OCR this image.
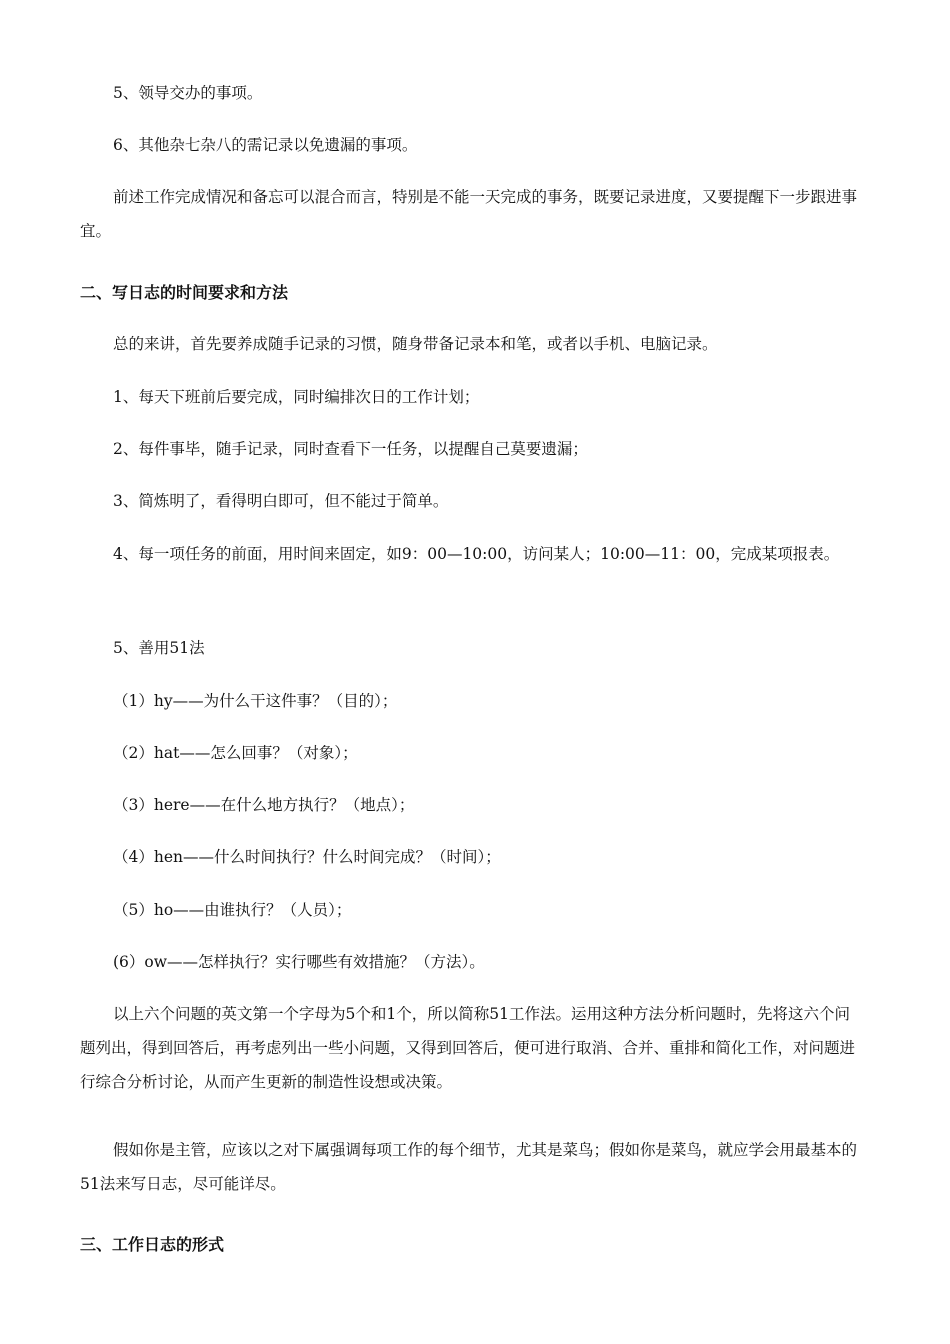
5、领导交办的事项。

6、其他杂七杂八的需记录以免遗漏的事项。

前述工作完成情况和备忘可以混合而言，特别是不能一天完成的事务，既要记录进度，又要提醒下一步跟进事宜。

二、写日志的时间要求和方法

总的来讲，首先要养成随手记录的习惯，随身带备记录本和笔，或者以手机、电脑记录。

1、每天下班前后要完成，同时编排次日的工作计划；

2、每件事毕，随手记录，同时查看下一任务，以提醒自己莫要遗漏；

3、简炼明了，看得明白即可，但不能过于简单。

4、每一项任务的前面，用时间来固定，如9：00—10:00，访问某人；10:00—11：00，完成某项报表。

5、善用51法

（1）hy——为什么干这件事？（目的）；

（2）hat——怎么回事？（对象）；

（3）here——在什么地方执行？（地点）；

（4）hen——什么时间执行？什么时间完成？（时间）；

（5）ho——由谁执行？（人员）；

(6）ow——怎样执行？实行哪些有效措施？（方法）。

以上六个问题的英文第一个字母为5个和1个，所以简称51工作法。运用这种方法分析问题时，先将这六个问题列出，得到回答后，再考虑列出一些小问题，又得到回答后，便可进行取消、合并、重排和简化工作，对问题进行综合分析讨论，从而产生更新的制造性设想或决策。

假如你是主管，应该以之对下属强调每项工作的每个细节，尤其是菜鸟；假如你是菜鸟，就应学会用最基本的51法来写日志，尽可能详尽。

三、工作日志的形式
